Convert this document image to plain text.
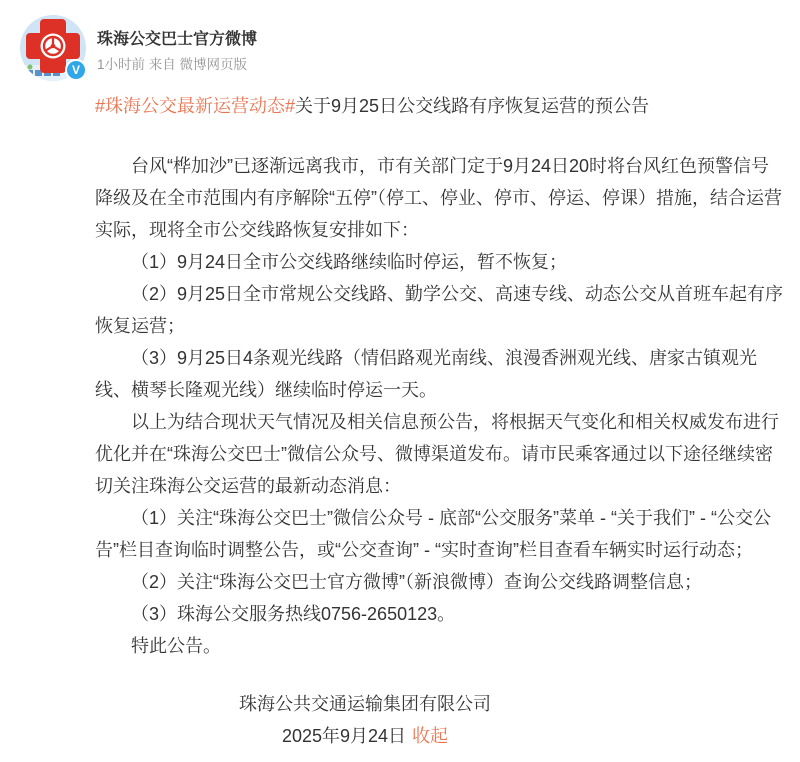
V
珠海公交巴士官方微博
1小时前 来自 微博网页版

#珠海公交最新运营动态#关于9月25日公交线路有序恢复运营的预公告

台风“桦加沙”已逐渐远离我市，市有关部门定于9月24日20时将台风红色预警信号降级及在全市范围内有序解除“五停”（停工、停业、停市、停运、停课）措施，结合运营实际，现将全市公交线路恢复安排如下：

（1）9月24日全市公交线路继续临时停运，暂不恢复；

（2）9月25日全市常规公交线路、勤学公交、高速专线、动态公交从首班车起有序恢复运营；

（3）9月25日4条观光线路（情侣路观光南线、浪漫香洲观光线、唐家古镇观光线、横琴长隆观光线）继续临时停运一天。

以上为结合现状天气情况及相关信息预公告，将根据天气变化和相关权威发布进行优化并在“珠海公交巴士”微信公众号、微博渠道发布。请市民乘客通过以下途径继续密切关注珠海公交运营的最新动态消息：

（1）关注“珠海公交巴士”微信公众号 - 底部“公交服务”菜单 - “关于我们” - “公交公告”栏目查询临时调整公告，或“公交查询” - “实时查询”栏目查看车辆实时运行动态；

（2）关注“珠海公交巴士官方微博”（新浪微博）查询公交线路调整信息；

（3）珠海公交服务热线0756-2650123。

特此公告。

珠海公共交通运输集团有限公司

2025年9月24日 收起
